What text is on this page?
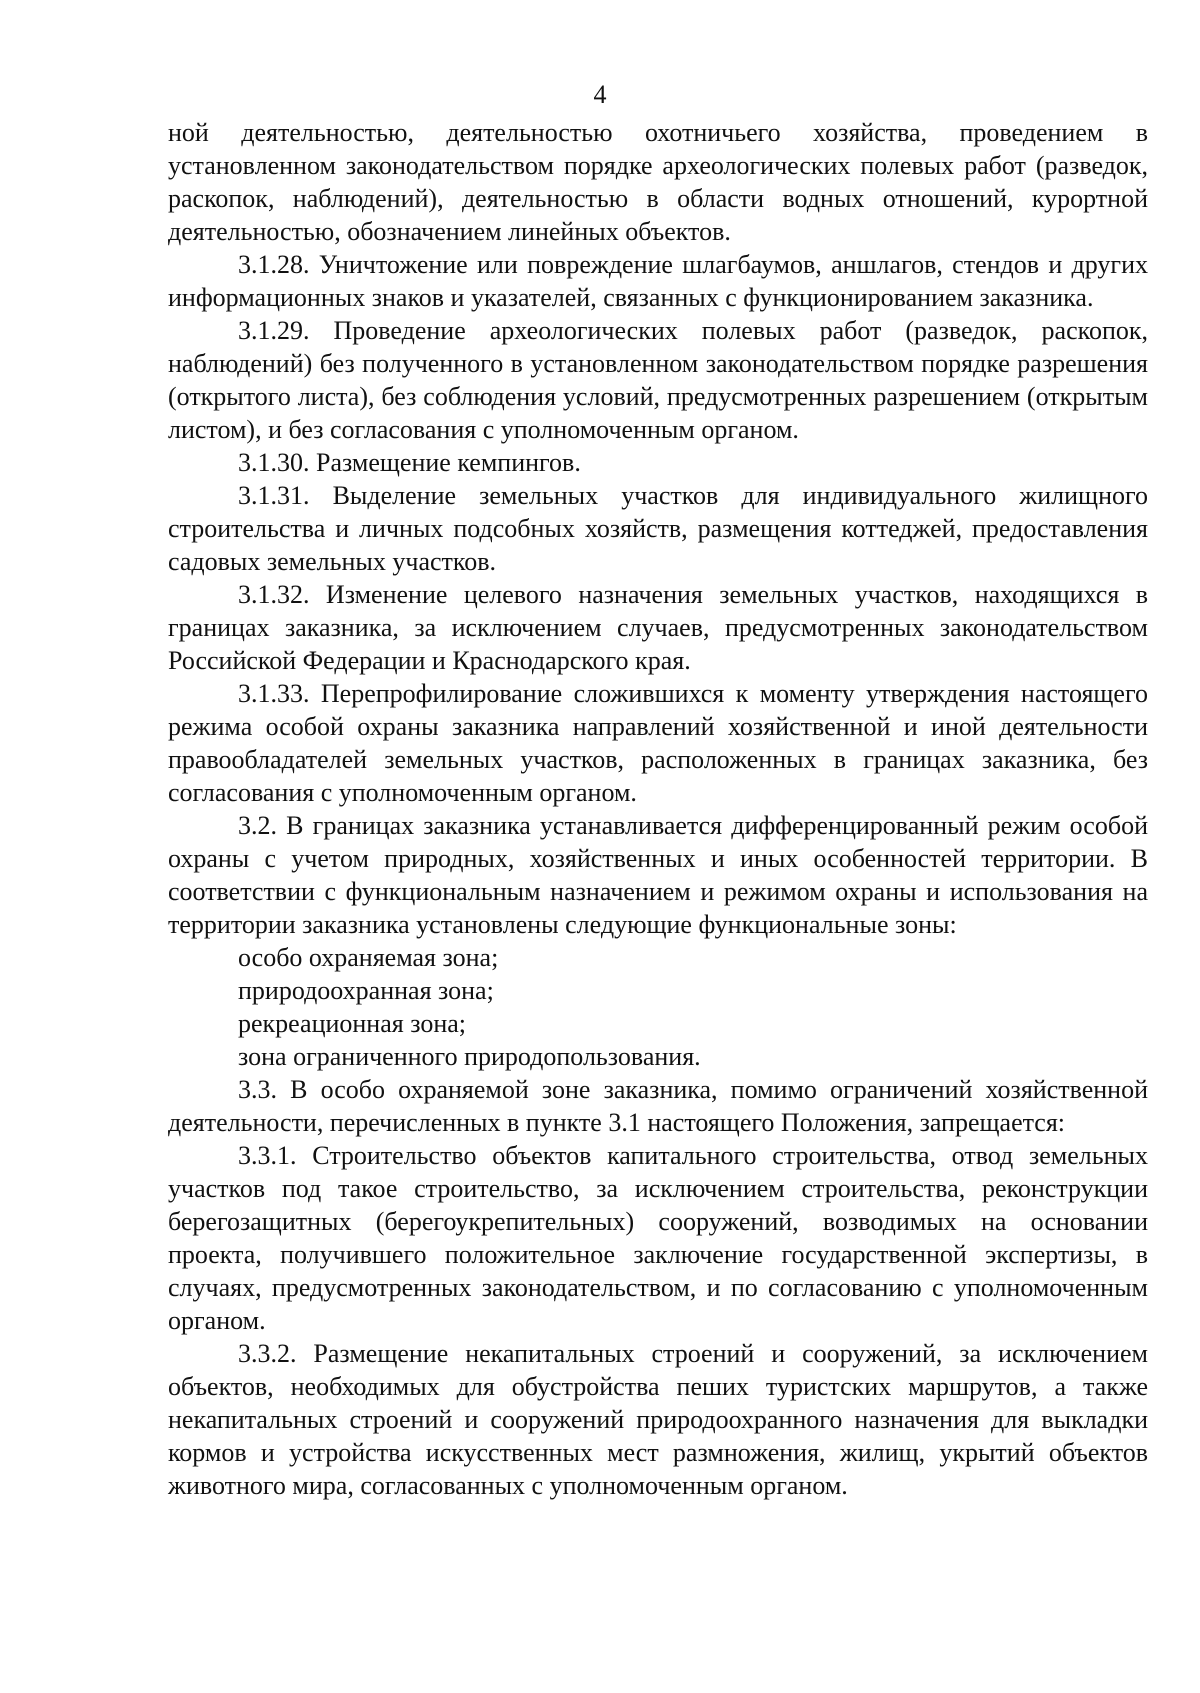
4

ной деятельностью, деятельностью охотничьего хозяйства, проведением в установленном законодательством порядке археологических полевых работ (разведок, раскопок, наблюдений), деятельностью в области водных отношений, курортной деятельностью, обозначением линейных объектов.

3.1.28. Уничтожение или повреждение шлагбаумов, аншлагов, стендов и других информационных знаков и указателей, связанных с функционированием заказника.

3.1.29. Проведение археологических полевых работ (разведок, раскопок, наблюдений) без полученного в установленном законодательством порядке разрешения (открытого листа), без соблюдения условий, предусмотренных разрешением (открытым листом), и без согласования с уполномоченным органом.

3.1.30. Размещение кемпингов.

3.1.31. Выделение земельных участков для индивидуального жилищного строительства и личных подсобных хозяйств, размещения коттеджей, предоставления садовых земельных участков.

3.1.32. Изменение целевого назначения земельных участков, находящихся в границах заказника, за исключением случаев, предусмотренных законодательством Российской Федерации и Краснодарского края.

3.1.33. Перепрофилирование сложившихся к моменту утверждения настоящего режима особой охраны заказника направлений хозяйственной и иной деятельности правообладателей земельных участков, расположенных в границах заказника, без согласования с уполномоченным органом.

3.2. В границах заказника устанавливается дифференцированный режим особой охраны с учетом природных, хозяйственных и иных особенностей территории. В соответствии с функциональным назначением и режимом охраны и использования на территории заказника установлены следующие функциональные зоны:

особо охраняемая зона;

природоохранная зона;

рекреационная зона;

зона ограниченного природопользования.

3.3. В особо охраняемой зоне заказника, помимо ограничений хозяйственной деятельности, перечисленных в пункте 3.1 настоящего Положения, запрещается:

3.3.1. Строительство объектов капитального строительства, отвод земельных участков под такое строительство, за исключением строительства, реконструкции берегозащитных (берегоукрепительных) сооружений, возводимых на основании проекта, получившего положительное заключение государственной экспертизы, в случаях, предусмотренных законодательством, и по согласованию с уполномоченным органом.

3.3.2. Размещение некапитальных строений и сооружений, за исключением объектов, необходимых для обустройства пеших туристских маршрутов, а также некапитальных строений и сооружений природоохранного назначения для выкладки кормов и устройства искусственных мест размножения, жилищ, укрытий объектов животного мира, согласованных с уполномоченным органом.
